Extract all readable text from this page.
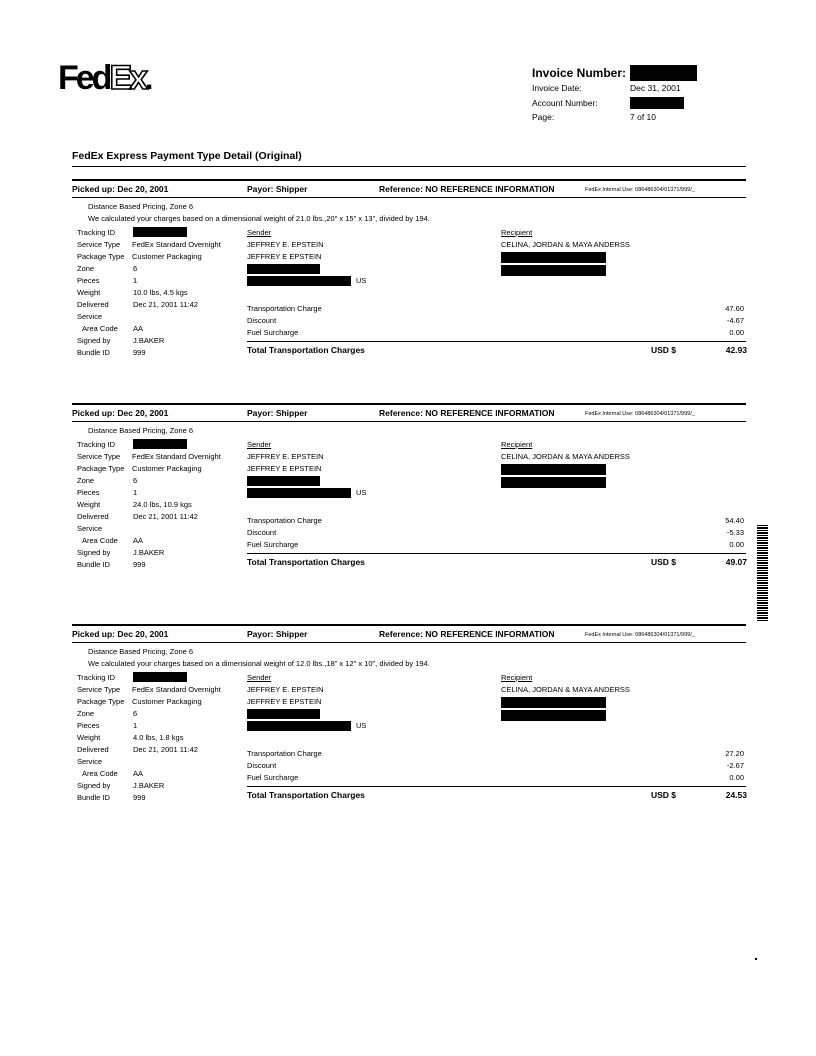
FedEx.	Invoice Number:
Invoice Date:	Dec 31, 2001
Account Number:
Page:	7 of 10
FedEx Express Payment Type Detail (Original)
Picked up: Dec 20, 2001	Payor: Shipper	Reference: NO REFERENCE INFORMATION	FedEx Internal Use: 086486304/01371/999/_
Distance Based Pricing, Zone 6
We calculated your charges based on a dimensional weight of 21.0 lbs.,20" x 15" x 13", divided by 194.
Tracking ID
Service Type FedEx Standard Overnight
Package Type Customer Packaging
Zone	6
Pieces	1
Weight	10.0 lbs, 4.5 kgs
Delivered	Dec 21, 2001 11:42
Service
Area Code AA
Signed by	J.BAKER
Bundle ID	999
Sender
JEFFREY E. EPSTEIN
JEFFREY E EPSTEIN
US
Recipient
CELINA, JORDAN & MAYA ANDERSS
Transportation Charge	47.60
Discount	-4.67
Fuel Surcharge	0.00
Total Transportation Charges	USD $	42.93
Picked up: Dec 20, 2001	Payor: Shipper	Reference: NO REFERENCE INFORMATION	FedEx Internal Use: 086486304/01371/999/_
Distance Based Pricing, Zone 6
Tracking ID
Service Type FedEx Standard Overnight
Package Type Customer Packaging
Zone	6
Pieces	1
Weight	24.0 lbs, 10.9 kgs
Delivered	Dec 21, 2001 11:42
Service
Area Code AA
Signed by	J.BAKER
Bundle ID	999
Sender
JEFFREY E. EPSTEIN
JEFFREY E EPSTEIN
US
Recipient
CELINA, JORDAN & MAYA ANDERSS
Transportation Charge	54.40
Discount	-5.33
Fuel Surcharge	0.00
Total Transportation Charges	USD $	49.07
Picked up: Dec 20, 2001	Payor: Shipper	Reference: NO REFERENCE INFORMATION	FedEx Internal Use: 086486304/01371/999/_
Distance Based Pricing, Zone 6
We calculated your charges based on a dimensional weight of 12.0 lbs.,18" x 12" x 10", divided by 194.
Tracking ID
Service Type FedEx Standard Overnight
Package Type Customer Packaging
Zone	6
Pieces	1
Weight	4.0 lbs, 1.8 kgs
Delivered	Dec 21, 2001 11:42
Service
Area Code AA
Signed by	J.BAKER
Bundle ID	999
Sender
JEFFREY E. EPSTEIN
JEFFREY E EPSTEIN
US
Recipient
CELINA, JORDAN & MAYA ANDERSS
Transportation Charge	27.20
Discount	-2.67
Fuel Surcharge	0.00
Total Transportation Charges	USD $	24.53
